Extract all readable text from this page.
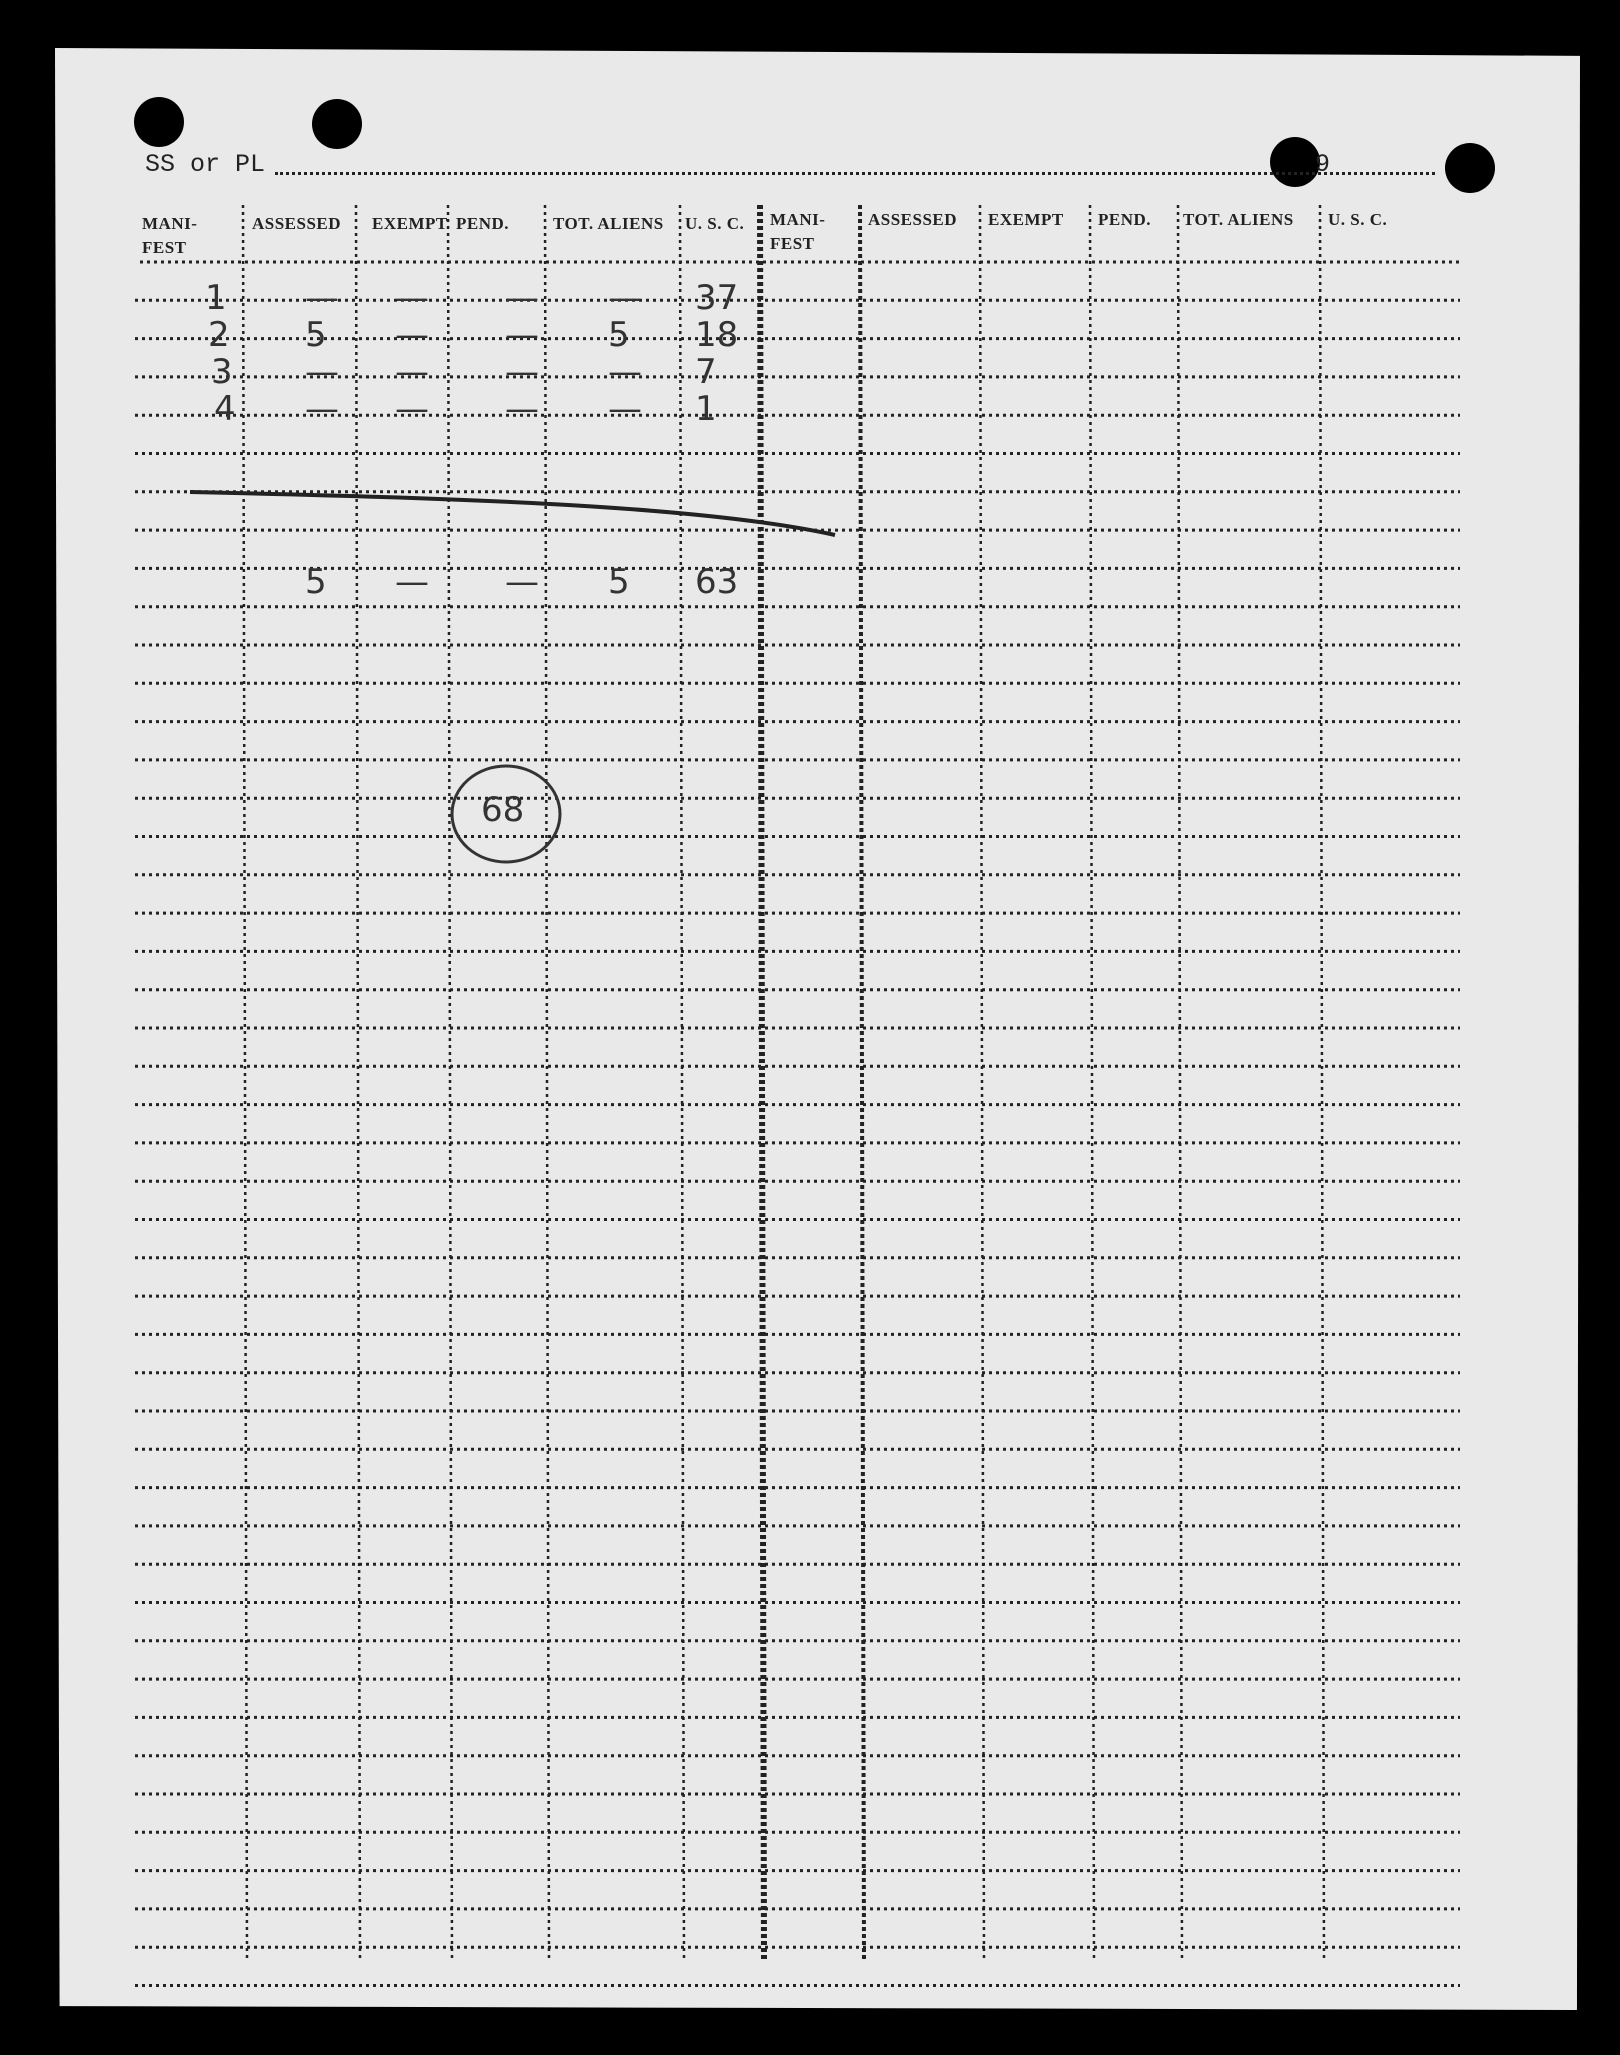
SS or PL	9
MANI-
FEST
ASSESSED EXEMPT PEND.	TOT. ALIENS U. S. C. MANI-
FEST
ASSESSED EXEMPT PEND. TOT. ALIENS U. S. C.
1 — — — — 37
2 5 — — 5 18
3 — — — — 7
4 — — — — 1
5 — — 5 63
68
